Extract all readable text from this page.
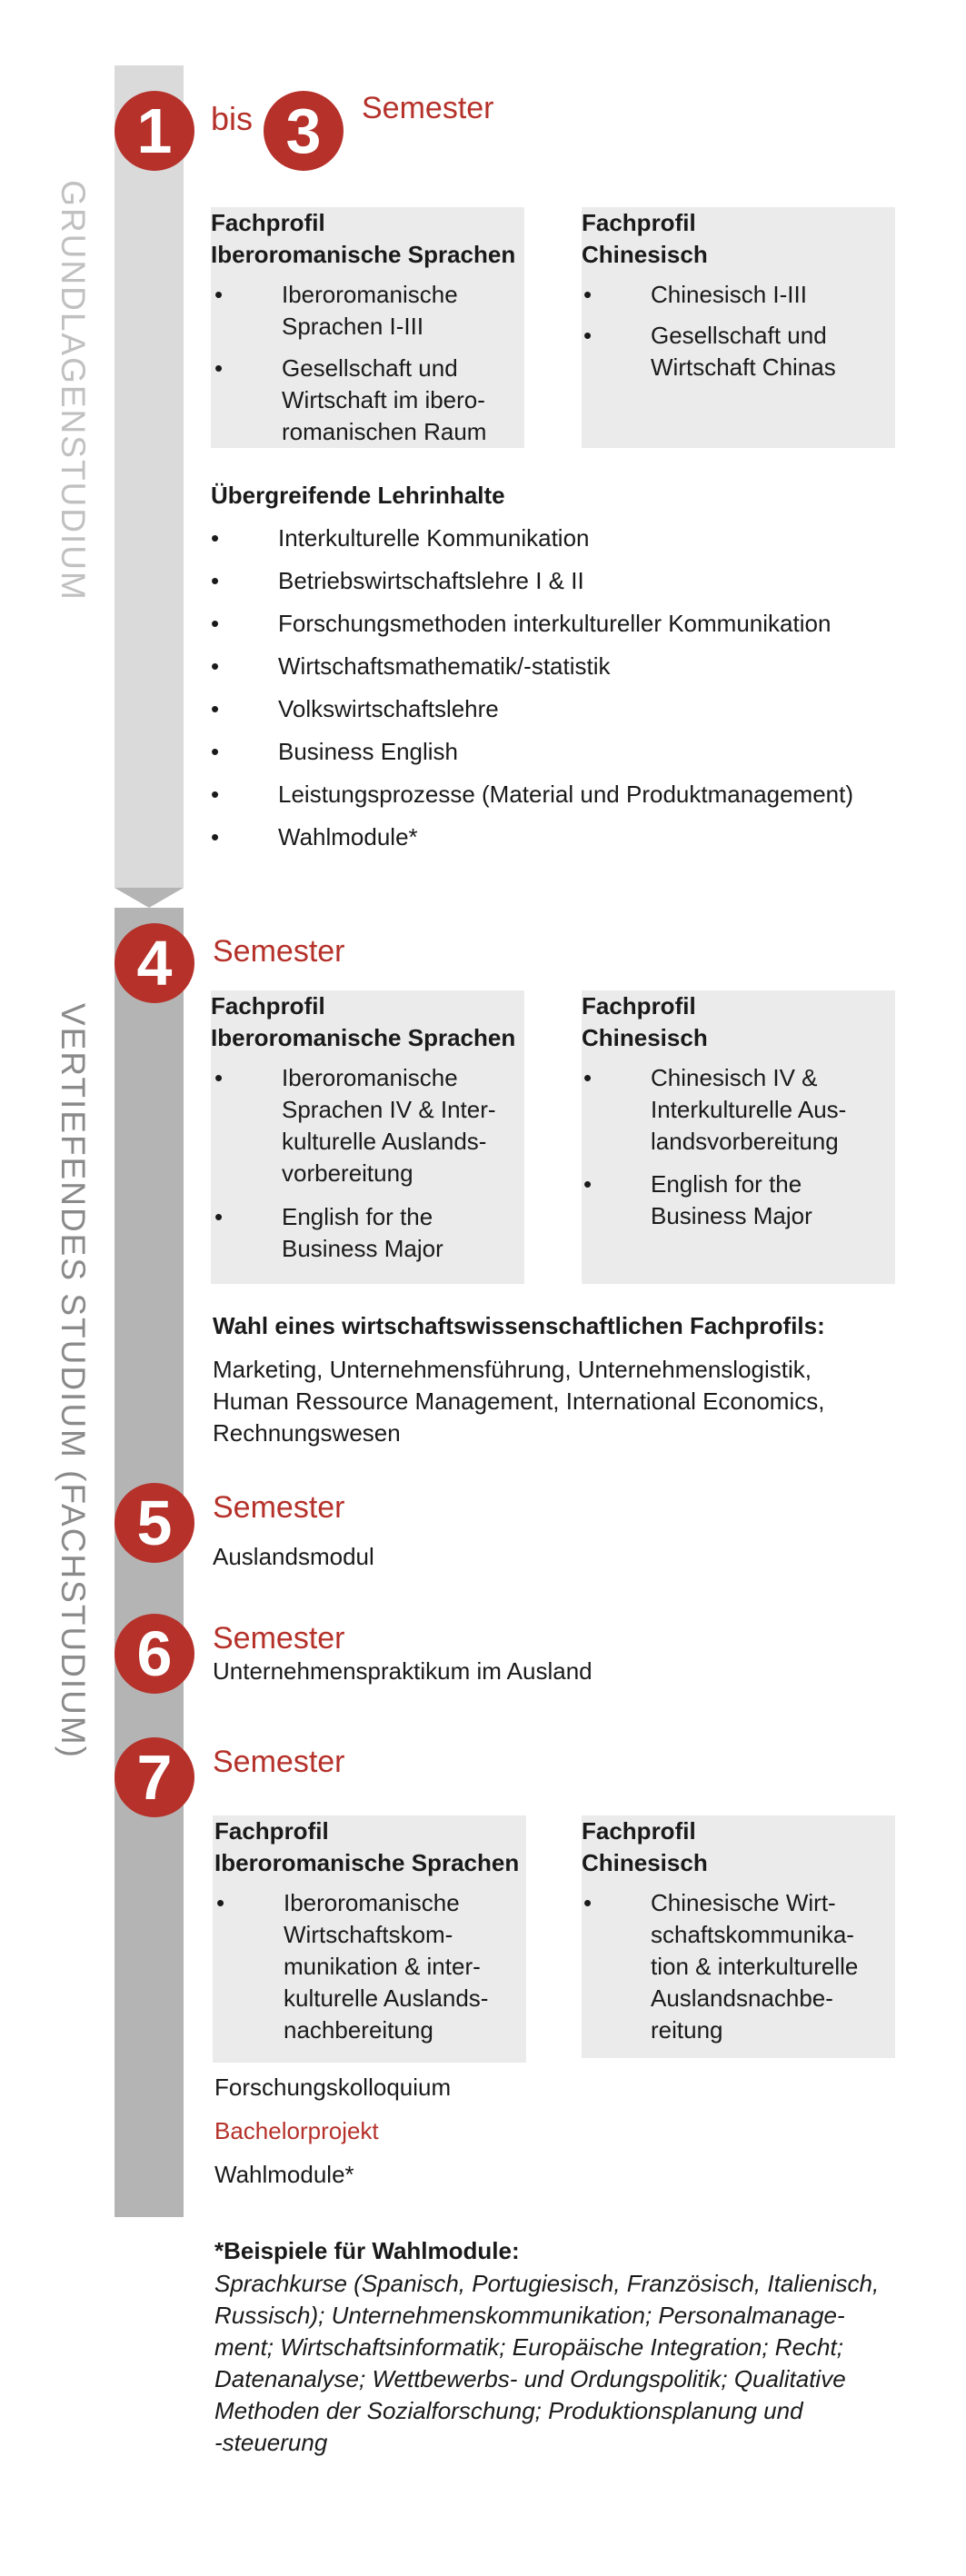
GRUNDLAGENSTUDIUM
VERTIEFENDES STUDIUM (FACHSTUDIUM)
1	bis 3	Semester
Fachprofil
Iberoromanische Sprachen
• Iberoromanische
Sprachen I-III
• Gesellschaft und
Wirtschaft im ibero-
romanischen Raum
Fachprofil
Chinesisch
• Chinesisch I-III
• Gesellschaft und
Wirtschaft Chinas
Übergreifende Lehrinhalte
• Interkulturelle Kommunikation
• Betriebswirtschaftslehre I & II
• Forschungsmethoden interkultureller Kommunikation
• Wirtschaftsmathematik/-statistik
• Volkswirtschaftslehre
• Business English
• Leistungsprozesse (Material und Produktmanagement)
• Wahlmodule*
4	Semester
Fachprofil
Iberoromanische Sprachen
• Iberoromanische
Sprachen IV & Inter-
kulturelle Auslands-
vorbereitung
• English for the
Business Major
Fachprofil
Chinesisch
• Chinesisch IV &
Interkulturelle Aus-
landsvorbereitung
• English for the
Business Major
Wahl eines wirtschaftswissenschaftlichen Fachprofils:
Marketing, Unternehmensführung, Unternehmenslogistik,
Human Ressource Management, International Economics,
Rechnungswesen
5	Semester
Auslandsmodul
6	Semester
Unternehmenspraktikum im Ausland
7	Semester
Fachprofil
Iberoromanische Sprachen
• Iberoromanische
Wirtschaftskom-
munikation & inter-
kulturelle Auslands-
nachbereitung
Fachprofil
Chinesisch
• Chinesische Wirt-
schaftskommunika-
tion & interkulturelle
Auslandsnachbe-
reitung
Forschungskolloquium
Bachelorprojekt
Wahlmodule*
*Beispiele für Wahlmodule:
Sprachkurse (Spanisch, Portugiesisch, Französisch, Italienisch,
Russisch); Unternehmenskommunikation; Personalmanage-
ment; Wirtschaftsinformatik; Europäische Integration; Recht;
Datenanalyse; Wettbewerbs- und Ordungspolitik; Qualitative
Methoden der Sozialforschung; Produktionsplanung und
-steuerung
